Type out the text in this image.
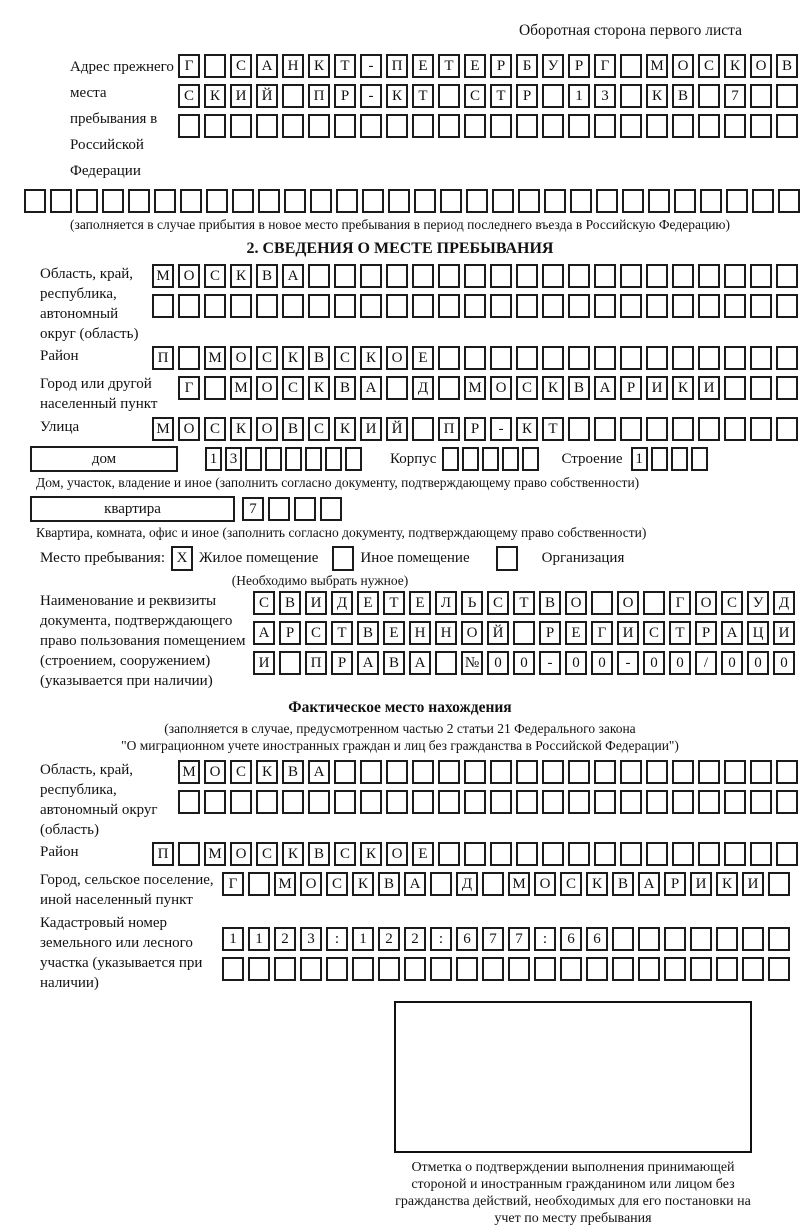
Оборотная сторона первого листа
Адрес прежнего места пребывания в Российской Федерации
Г	С	А	Н	К	Т	-	П	Е	Т	Е	Р	Б	У	Р	Г	М О	С	К	О	В
С	К	И	Й	П	Р	-	К	Т	С	Т	Р	1	3	К	В	7
(заполняется в случае прибытия в новое место пребывания в период последнего въезда в Российскую Федерацию)
2. СВЕДЕНИЯ О МЕСТЕ ПРЕБЫВАНИЯ
Область, край, республика, автономный округ (область)
М О	С	К	В	А
Район	П	М О	С	К	В	С	К	О	Е
Город или другой населенный пункт
Г	М О	С	К	В	А	Д	М О	С	К	В	А	Р	И	К	И
Улица	М О	С	К	О	В	С	К	И	Й	П	Р	-	К	Т
дом	1 3	Корпус	Строение 1
Дом, участок, владение и иное (заполнить согласно документу, подтверждающему право собственности)
квартира	7
Квартира, комната, офис и иное (заполнить согласно документу, подтверждающему право собственности)
Место пребывания: X Жилое помещение	Иное помещение	Организация
(Необходимо выбрать нужное)
Наименование и реквизиты документа, подтверждающего право пользования помещением (строением, сооружением) (указывается при наличии)
С	В	И	Д	Е	Т	Е	Л	Ь	С	Т	В	О	О	Г	О	С	У	Д
А	Р	С	Т	В	Е	Н	Н	О	Й	Р	Е	Г	И	С	Т	Р	А	Ц	И
И	П	Р	А	В	А	№	0	0	-	0	0	-	0	0	/	0	0	0
Фактическое место нахождения
(заполняется в случае, предусмотренном частью 2 статьи 21 Федерального закона
"О миграционном учете иностранных граждан и лиц без гражданства в Российской Федерации")
Область, край, республика, автономный округ (область)
М О	С	К	В	А
Район	П	М О	С	К	В	С	К	О	Е
Город, сельское поселение, иной населенный пункт
Г	М О	С	К	В	А	Д	М О	С	К	В	А	Р	И	К	И
Кадастровый номер земельного или лесного участка (указывается при наличии)
1	1	2	3	:	1	2	2	:	6	7	7	:	6	6
Отметка о подтверждении выполнения принимающей стороной и иностранным гражданином или лицом без гражданства действий, необходимых для его постановки на учет по месту пребывания
